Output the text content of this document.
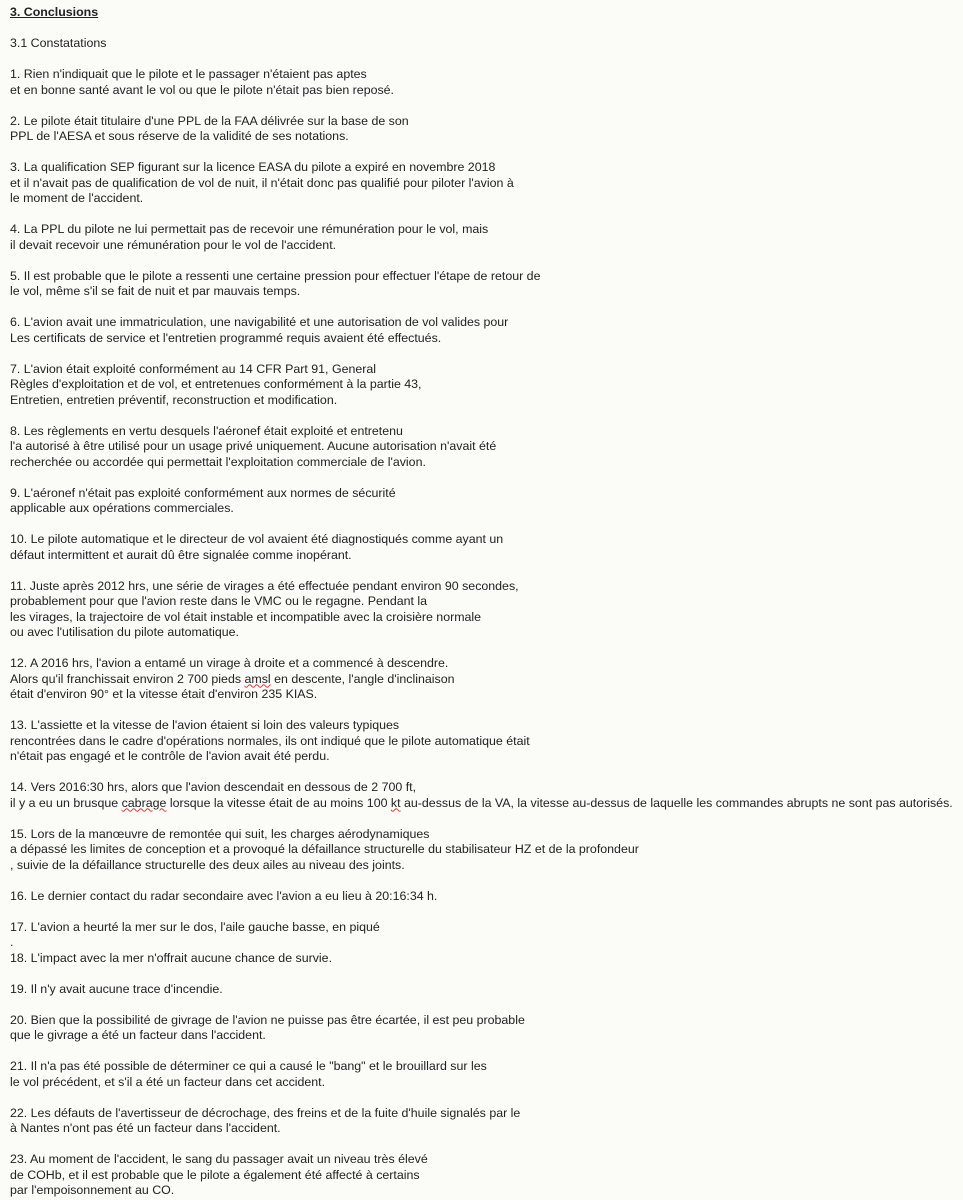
3. Conclusions
3.1 Constatations
1. Rien n'indiquait que le pilote et le passager n'étaient pas aptes
et en bonne santé avant le vol ou que le pilote n'était pas bien reposé.
2. Le pilote était titulaire d'une PPL de la FAA délivrée sur la base de son
PPL de l'AESA et sous réserve de la validité de ses notations.
3. La qualification SEP figurant sur la licence EASA du pilote a expiré en novembre 2018
et il n'avait pas de qualification de vol de nuit, il n'était donc pas qualifié pour piloter l'avion à
le moment de l'accident.
4. La PPL du pilote ne lui permettait pas de recevoir une rémunération pour le vol, mais
il devait recevoir une rémunération pour le vol de l'accident.
5. Il est probable que le pilote a ressenti une certaine pression pour effectuer l'étape de retour de
le vol, même s'il se fait de nuit et par mauvais temps.
6. L'avion avait une immatriculation, une navigabilité et une autorisation de vol valides pour
Les certificats de service et l'entretien programmé requis avaient été effectués.
7. L'avion était exploité conformément au 14 CFR Part 91, General
Règles d'exploitation et de vol, et entretenues conformément à la partie 43,
Entretien, entretien préventif, reconstruction et modification.
8. Les règlements en vertu desquels l'aéronef était exploité et entretenu
l'a autorisé à être utilisé pour un usage privé uniquement. Aucune autorisation n'avait été
recherchée ou accordée qui permettait l'exploitation commerciale de l'avion.
9. L'aéronef n'était pas exploité conformément aux normes de sécurité
applicable aux opérations commerciales.
10. Le pilote automatique et le directeur de vol avaient été diagnostiqués comme ayant un
défaut intermittent et aurait dû être signalée comme inopérant.
11. Juste après 2012 hrs, une série de virages a été effectuée pendant environ 90 secondes,
probablement pour que l'avion reste dans le VMC ou le regagne. Pendant la
les virages, la trajectoire de vol était instable et incompatible avec la croisière normale
ou avec l'utilisation du pilote automatique.
12. A 2016 hrs, l'avion a entamé un virage à droite et a commencé à descendre.
Alors qu'il franchissait environ 2 700 pieds amsl en descente, l'angle d'inclinaison
était d'environ 90° et la vitesse était d'environ 235 KIAS.
13. L'assiette et la vitesse de l'avion étaient si loin des valeurs typiques
rencontrées dans le cadre d'opérations normales, ils ont indiqué que le pilote automatique était
n'était pas engagé et le contrôle de l'avion avait été perdu.
14. Vers 2016:30 hrs, alors que l'avion descendait en dessous de 2 700 ft,
il y a eu un brusque cabrage lorsque la vitesse était de au moins 100 kt au-dessus de la VA, la vitesse au-dessus de laquelle les commandes abrupts ne sont pas autorisés.
15. Lors de la manœuvre de remontée qui suit, les charges aérodynamiques
a dépassé les limites de conception et a provoqué la défaillance structurelle du stabilisateur HZ et de la profondeur
, suivie de la défaillance structurelle des deux ailes au niveau des joints.
16. Le dernier contact du radar secondaire avec l'avion a eu lieu à 20:16:34 h.
17. L'avion a heurté la mer sur le dos, l'aile gauche basse, en piqué
.
18. L'impact avec la mer n'offrait aucune chance de survie.
19. Il n'y avait aucune trace d'incendie.
20. Bien que la possibilité de givrage de l'avion ne puisse pas être écartée, il est peu probable
que le givrage a été un facteur dans l'accident.
21. Il n'a pas été possible de déterminer ce qui a causé le "bang" et le brouillard sur les
le vol précédent, et s'il a été un facteur dans cet accident.
22. Les défauts de l'avertisseur de décrochage, des freins et de la fuite d'huile signalés par le
à Nantes n'ont pas été un facteur dans l'accident.
23. Au moment de l'accident, le sang du passager avait un niveau très élevé
de COHb, et il est probable que le pilote a également été affecté à certains
par l'empoisonnement au CO.
